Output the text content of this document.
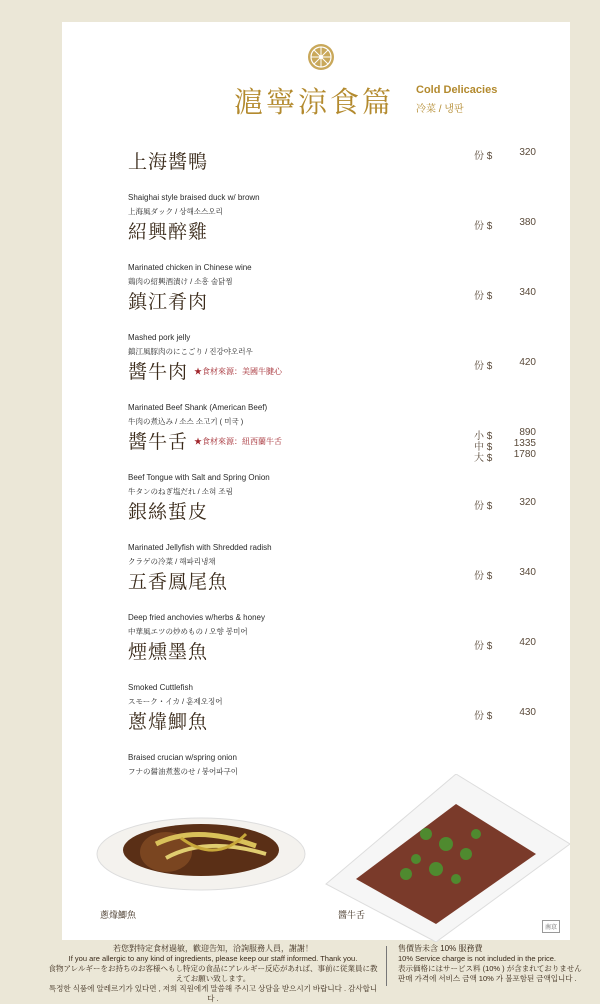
滬寧涼食篇 Cold Delicacies
冷菜 / 냉판
上海醬鴨
Shaighai style braised duck w/ brown
上海風ダック / 상해소스오리
份 $	320
紹興醉雞
Marinated chicken in Chinese wine
鶏肉の紹興酒漬け / 소흥 술닭찜
份 $	380
鎮江肴肉
Mashed pork jelly
鎮江風豚肉のにこごり / 진강야오러우
份 $	340
醬牛肉 $^{★食材來源:美國牛腱心}$
Marinated Beef Shank (American Beef)
牛肉の煮込み / 소스 소고기 ( 미국 )
份 $	420
醬牛舌 $^{★食材來源:紐西蘭牛舌}$
Beef Tongue with Salt and Spring Onion
牛タンのねぎ塩だれ / 소혀 조림
小 $	890
中 $ 1335
大 $ 1780
銀絲蜇皮
Marinated Jellyfish with Shredded radish
クラゲの冷菜 / 해파리냉채
份 $	320
五香鳳尾魚
Deep fried anchovies w/herbs & honey
中華風エツの炒めもの / 오향 봉미어
份 $	340
煙燻墨魚
Smoked Cuttlefish
スモーク・イカ / 훈제오징어
份 $	420
蔥㸆鯽魚
Braised crucian w/spring onion
フナの醤油煮葱のせ / 붕어파구이
份 $	430
蔥㸆鯽魚	醬牛舌
南京
若您對特定食材過敏，歡迎告知，洽詢服務人員，謝謝！
If you are allergic to any kind of ingredients, please keep our staff informed. Thank you.
食物アレルギーをお持ちのお客様へもし特定の食品にアレルギー反応があれば、事前に従業員に教えてお願い致します。
특정한 식품에 알레르기가 있다면 , 저희 직원에게 말씀해 주시고 상담을 받으시기 바랍니다 . 감사합니다 .
售價皆未含 10% 服務費
10% Service charge is not included in the price.
表示価格にはサービス料 (10% ) が含まれておりません
판매 가격에 서비스 금액 10% 가 불포함된 금액입니다 .
